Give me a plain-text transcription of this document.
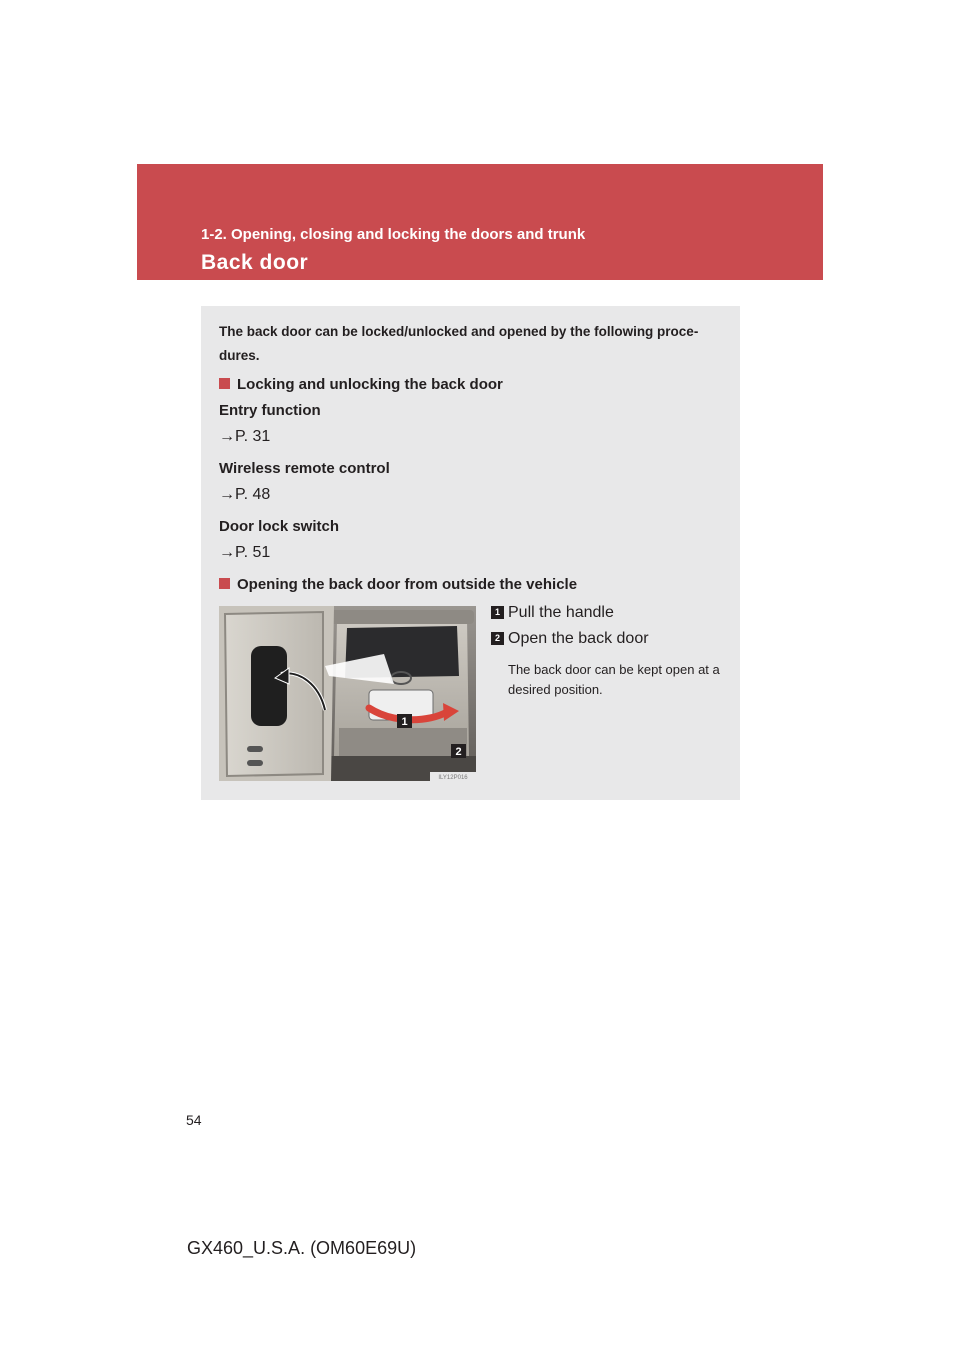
1-2. Opening, closing and locking the doors and trunk
Back door
The back door can be locked/unlocked and opened by the following proce-dures.
Locking and unlocking the back door
Entry function
→P. 31
Wireless remote control
→P. 48
Door lock switch
→P. 51
Opening the back door from outside the vehicle
1
2
ILY12P016
1 Pull the handle
2 Open the back door
The back door can be kept open at a desired position.
54
GX460_U.S.A. (OM60E69U)
